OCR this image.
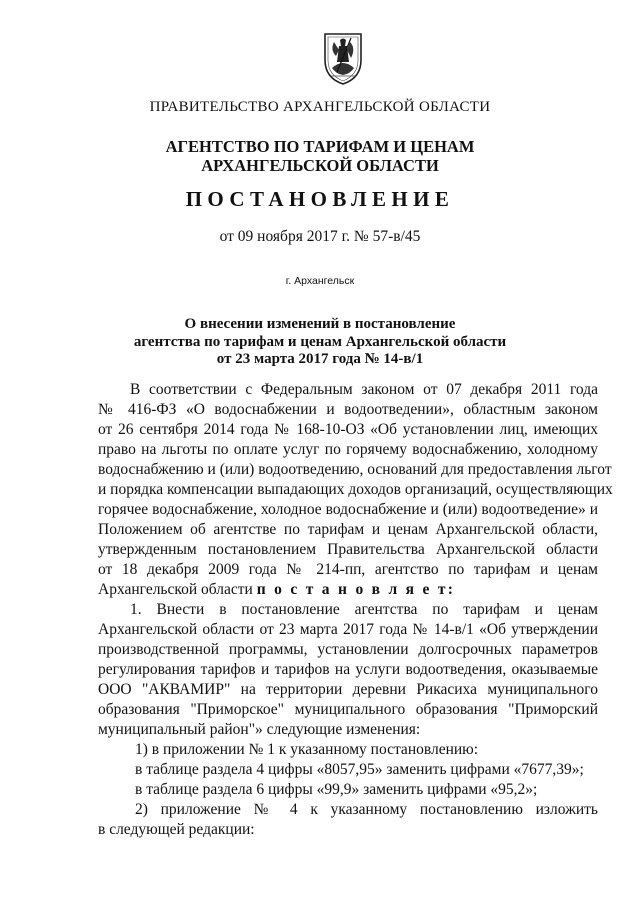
ПРАВИТЕЛЬСТВО АРХАНГЕЛЬСКОЙ ОБЛАСТИ
АГЕНТСТВО ПО ТАРИФАМ И ЦЕНАМ
АРХАНГЕЛЬСКОЙ ОБЛАСТИ
ПОСТАНОВЛЕНИЕ
от 09 ноября 2017 г. № 57-в/45
г. Архангельск
О внесении изменений в постановление
агентства по тарифам и ценам Архангельской области
от 23 марта 2017 года № 14-в/1
В соответствии с Федеральным законом от 07 декабря 2011 года
№ 416-ФЗ «О водоснабжении и водоотведении», областным законом
от 26 сентября 2014 года № 168-10-ОЗ «Об установлении лиц, имеющих
право на льготы по оплате услуг по горячему водоснабжению, холодному
водоснабжению и (или) водоотведению, оснований для предоставления льгот
и порядка компенсации выпадающих доходов организаций, осуществляющих
горячее водоснабжение, холодное водоснабжение и (или) водоотведение» и
Положением об агентстве по тарифам и ценам Архангельской области,
утвержденным постановлением Правительства Архангельской области
от 18 декабря 2009 года № 214-пп, агентство по тарифам и ценам
Архангельской области п о с т а н о в л я е т:
1. Внести в постановление агентства по тарифам и ценам
Архангельской области от 23 марта 2017 года № 14-в/1 «Об утверждении
производственной программы, установлении долгосрочных параметров
регулирования тарифов и тарифов на услуги водоотведения, оказываемые
ООО "АКВАМИР" на территории деревни Рикасиха муниципального
образования "Приморское" муниципального образования "Приморский
муниципальный район"» следующие изменения:
1) в приложении № 1 к указанному постановлению:
в таблице раздела 4 цифры «8057,95» заменить цифрами «7677,39»;
в таблице раздела 6 цифры «99,9» заменить цифрами «95,2»;
2) приложение № 4 к указанному постановлению изложить
в следующей редакции:
